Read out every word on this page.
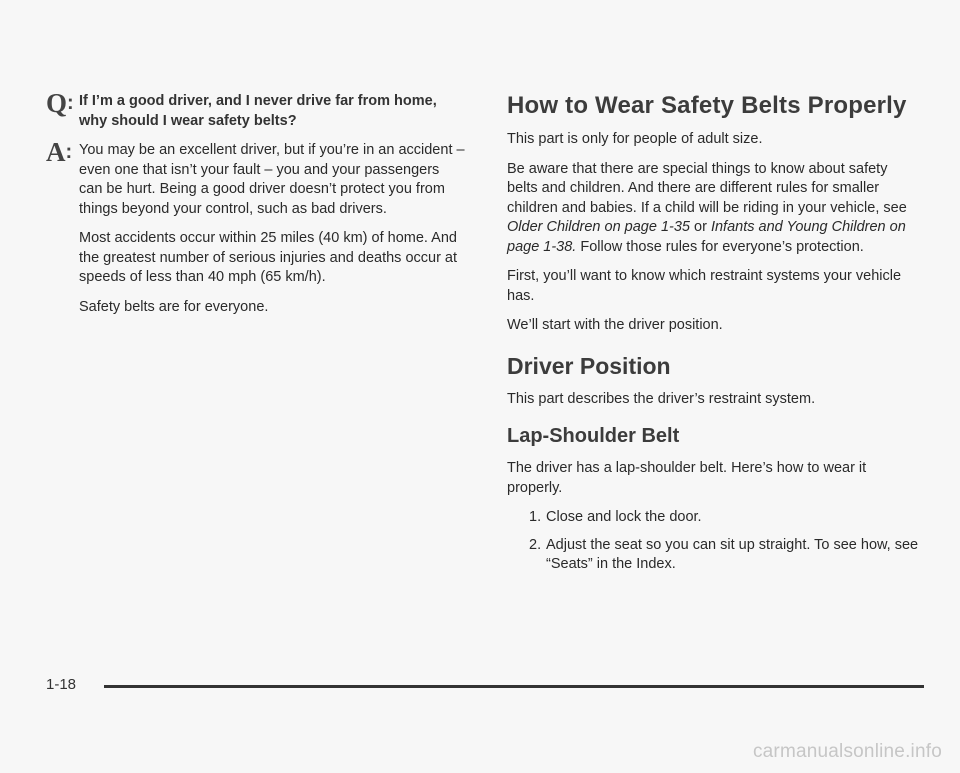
Q: If I’m a good driver, and I never drive far from home, why should I wear safety belts?
A: You may be an excellent driver, but if you’re in an accident – even one that isn’t your fault – you and your passengers can be hurt. Being a good driver doesn’t protect you from things beyond your control, such as bad drivers.

Most accidents occur within 25 miles (40 km) of home. And the greatest number of serious injuries and deaths occur at speeds of less than 40 mph (65 km/h).

Safety belts are for everyone.

How to Wear Safety Belts Properly

This part is only for people of adult size.

Be aware that there are special things to know about safety belts and children. And there are different rules for smaller children and babies. If a child will be riding in your vehicle, see Older Children on page 1-35 or Infants and Young Children on page 1-38. Follow those rules for everyone’s protection.

First, you’ll want to know which restraint systems your vehicle has.

We’ll start with the driver position.

Driver Position

This part describes the driver’s restraint system.

Lap-Shoulder Belt

The driver has a lap-shoulder belt. Here’s how to wear it properly.

1. Close and lock the door.
2. Adjust the seat so you can sit up straight. To see how, see “Seats” in the Index.
1-18
carmanualsonline.info
